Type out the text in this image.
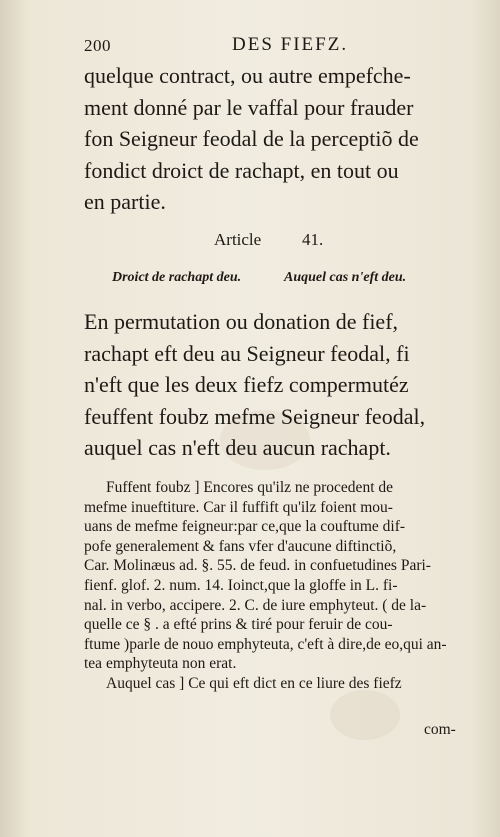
200	DES FIEFZ.
quelque contract, ou autre empefche-
ment donné par le vaffal pour frauder
fon Seigneur feodal de la perceptiõ de
fondict droict de rachapt, en tout ou
en partie.
Article 41.
Droict de rachapt deu.	Auquel cas n'eft deu.
En permutation ou donation de fief,
rachapt eft deu au Seigneur feodal, fi
n'eft que les deux fiefz compermutéz
feuffent foubz mefme Seigneur feodal,
auquel cas n'eft deu aucun rachapt.
Fuffent foubz ] Encores qu'ilz ne procedent de
mefme inueftiture. Car il fuffift qu'ilz foient mou-
uans de mefme feigneur:par ce,que la couftume dif-
pofe generalement & fans vfer d'aucune diftinctiõ,
Car. Molinæus ad. §. 55. de feud. in confuetudines Pari-
fienf. glof. 2. num. 14. Ioinct,que la gloffe in L. fi-
nal. in verbo, accipere. 2. C. de iure emphyteut. ( de la-
quelle ce § . a efté prins & tiré pour feruir de cou-
ftume )parle de nouo emphyteuta, c'eft à dire,de eo,qui an-
tea emphyteuta non erat.
Auquel cas ] Ce qui eft dict en ce liure des fiefz
com-
